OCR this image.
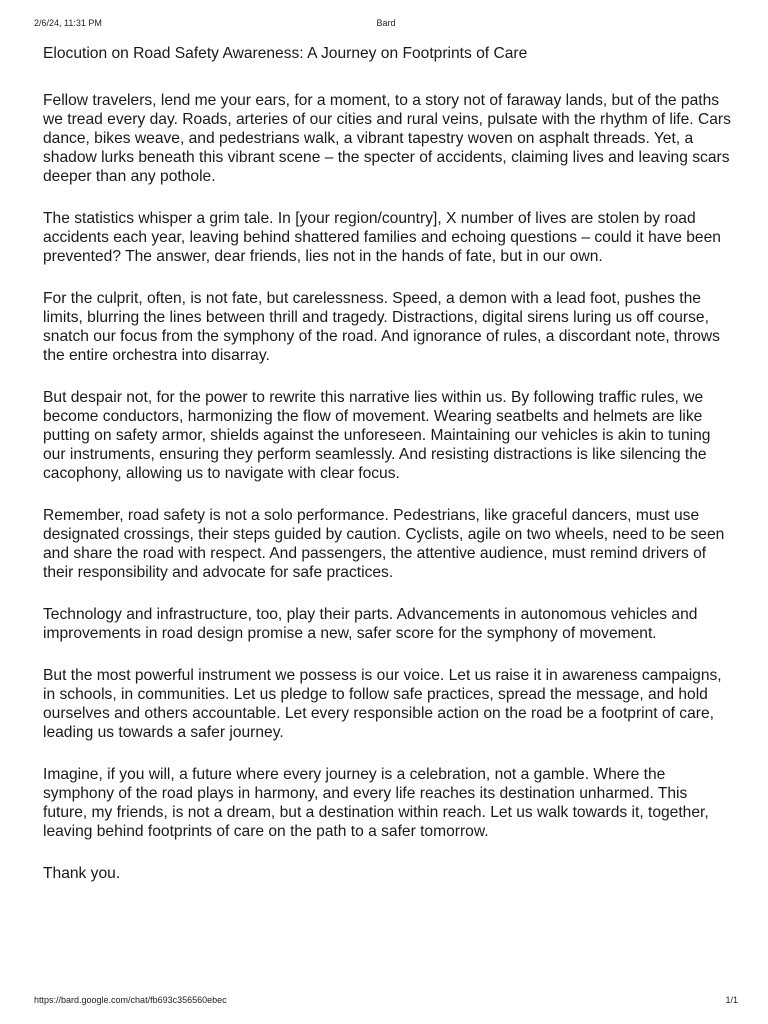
2/6/24, 11:31 PM	Bard
Elocution on Road Safety Awareness: A Journey on Footprints of Care

Fellow travelers, lend me your ears, for a moment, to a story not of faraway lands, but of the paths we tread every day. Roads, arteries of our cities and rural veins, pulsate with the rhythm of life. Cars dance, bikes weave, and pedestrians walk, a vibrant tapestry woven on asphalt threads. Yet, a shadow lurks beneath this vibrant scene – the specter of accidents, claiming lives and leaving scars deeper than any pothole.

The statistics whisper a grim tale. In [your region/country], X number of lives are stolen by road accidents each year, leaving behind shattered families and echoing questions – could it have been prevented? The answer, dear friends, lies not in the hands of fate, but in our own.

For the culprit, often, is not fate, but carelessness. Speed, a demon with a lead foot, pushes the limits, blurring the lines between thrill and tragedy. Distractions, digital sirens luring us off course, snatch our focus from the symphony of the road. And ignorance of rules, a discordant note, throws the entire orchestra into disarray.

But despair not, for the power to rewrite this narrative lies within us. By following traffic rules, we become conductors, harmonizing the flow of movement. Wearing seatbelts and helmets are like putting on safety armor, shields against the unforeseen. Maintaining our vehicles is akin to tuning our instruments, ensuring they perform seamlessly. And resisting distractions is like silencing the cacophony, allowing us to navigate with clear focus.

Remember, road safety is not a solo performance. Pedestrians, like graceful dancers, must use designated crossings, their steps guided by caution. Cyclists, agile on two wheels, need to be seen and share the road with respect. And passengers, the attentive audience, must remind drivers of their responsibility and advocate for safe practices.

Technology and infrastructure, too, play their parts. Advancements in autonomous vehicles and improvements in road design promise a new, safer score for the symphony of movement.

But the most powerful instrument we possess is our voice. Let us raise it in awareness campaigns, in schools, in communities. Let us pledge to follow safe practices, spread the message, and hold ourselves and others accountable. Let every responsible action on the road be a footprint of care, leading us towards a safer journey.

Imagine, if you will, a future where every journey is a celebration, not a gamble. Where the symphony of the road plays in harmony, and every life reaches its destination unharmed. This future, my friends, is not a dream, but a destination within reach. Let us walk towards it, together, leaving behind footprints of care on the path to a safer tomorrow.

Thank you.

https://bard.google.com/chat/fb693c356560ebec	1/1
